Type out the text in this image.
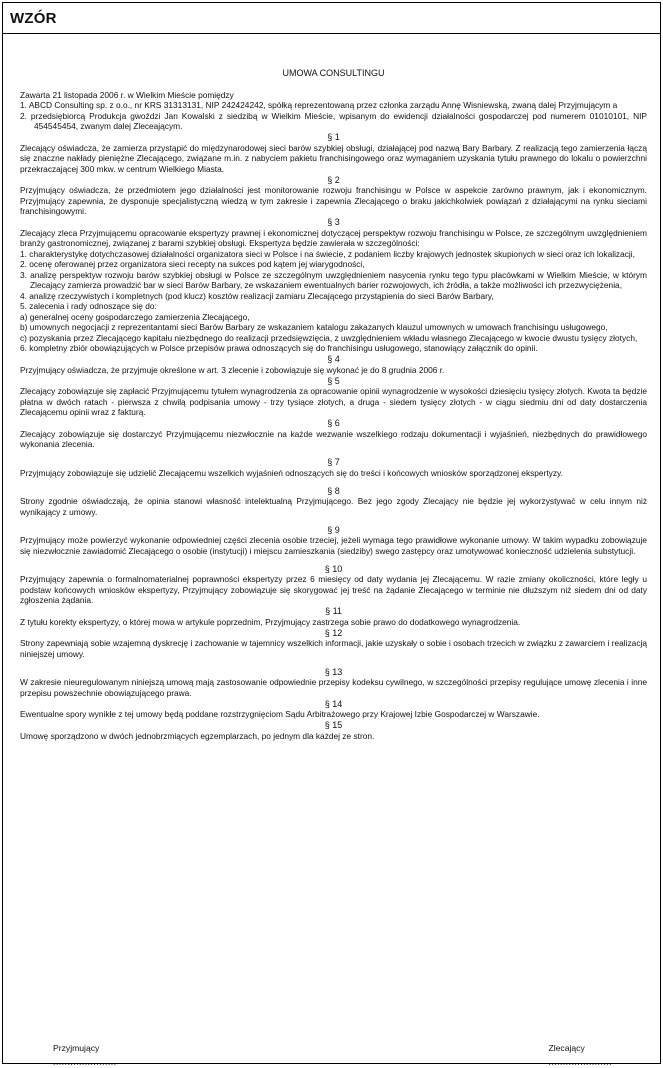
WZÓR
UMOWA CONSULTINGU

Zawarta 21 listopada 2006 r. w Wielkim Mieście pomiędzy

1. ABCD Consulting sp. z o.o., nr KRS 31313131, NIP 242424242, spółką reprezentowaną przez członka zarządu Annę Wisniewską, zwaną dalej Przyjmującym a

2. przedsiębiorcą Produkcja gwoździ Jan Kowalski z siedzibą w Wielkim Mieście, wpisanym do ewidencji działalności gospodarczej pod numerem 01010101, NIP 454545454, zwanym dalej Zleceającym.

§ 1

Zlecający oświadcza, że zamierza przystąpić do międzynarodowej sieci barów szybkiej obsługi, działającej pod nazwą Bary Barbary. Z realizacją tego zamierzenia łączą się znaczne nakłady pieniężne Zlecającego, związane m.in. z nabyciem pakietu franchisingowego oraz wymaganiem uzyskania tytułu prawnego do lokalu o powierzchni przekraczającej 300 mkw. w centrum Wielkiego Miasta.

§ 2

Przyjmujący oświadcza, że przedmiotem jego działalności jest monitorowanie rozwoju franchisingu w Polsce w aspekcie zarówno prawnym, jak i ekonomicznym. Przyjmujący zapewnia, że dysponuje specjalistyczną wiedzą w tym zakresie i zapewnia Zlecającego o braku jakichkolwiek powiązań z działającymi na rynku sieciami franchisingowymi.

§ 3

Zlecający zleca Przyjmującemu opracowanie ekspertyzy prawnej i ekonomicznej dotyczącej perspektyw rozwoju franchisingu w Polsce, ze szczególnym uwzględnieniem branży gastronomicznej, związanej z barami szybkiej obsługi. Ekspertyza będzie zawierała w szczególności:

1. charakterystykę dotychczasowej działalności organizatora sieci w Polsce i na świecie, z podaniem liczby krajowych jednostek skupionych w sieci oraz ich lokalizacji,

2. ocenę oferowanej przez organizatora sieci recepty na sukces pod kątem jej wiarygodności,

3. analizę perspektyw rozwoju barów szybkiej obsługi w Polsce ze szczególnym uwzględnieniem nasycenia rynku tego typu placówkami w Wielkim Mieście, w którym Zlecający zamierza prowadzić bar w sieci Barów Barbary, ze wskazaniem ewentualnych barier rozwojowych, ich źródła, a także możliwości ich przezwyciężenia,

4. analizę rzeczywistych i kompletnych (pod klucz) kosztów realizacji zamiaru Zlecającego przystąpienia do sieci Barów Barbary,

5. zalecenia i rady odnoszące się do:

a) generalnej oceny gospodarczego zamierzenia Zlecającego,

b) umownych negocjacji z reprezentantami sieci Barów Barbary ze wskazaniem katalogu zakazanych klauzul umownych w umowach franchisingu usługowego,

c) pozyskania przez Zlecającego kapitału niezbędnego do realizacji przedsięwzięcia, z uwzględnieniem wkładu własnego Zlecającego w kwocie dwustu tysięcy złotych,

6. kompletny zbiór obowiązujących w Polsce przepisów prawa odnoszących się do franchisingu usługowego, stanowiący załącznik do opinii.

§ 4

Przyjmujący oświadcza, że przyjmuje określone w art. 3 zlecenie i zobowiązuje się wykonać je do 8 grudnia 2006 r.

§ 5

Zlecający zobowiązuje się zapłacić Przyjmującemu tytułem wynagrodzenia za opracowanie opinii wynagrodzenie w wysokości dziesięciu tysięcy złotych. Kwota ta będzie płatna w dwóch ratach - pierwsza z chwilą podpisania umowy - trzy tysiące złotych, a druga - siedem tysięcy złotych - w ciągu siedmiu dni od daty dostarczenia Zlecającemu opinii wraz z fakturą.

§ 6

Zlecający zobowiązuje się dostarczyć Przyjmującemu niezwłocznie na każde wezwanie wszelkiego rodzaju dokumentacji i wyjaśnień, niezbędnych do prawidłowego wykonania zlecenia.

§ 7

Przyjmujący zobowiązuje się udzielić Zlecającemu wszelkich wyjaśnień odnoszących się do treści i końcowych wniosków sporządzonej ekspertyzy.

§ 8

Strony zgodnie oświadczają, że opinia stanowi własność intelektualną Przyjmującego. Bez jego zgody Zlecający nie będzie jej wykorzystywać w celu innym niż wynikający z umowy.

§ 9

Przyjmujący może powierzyć wykonanie odpowiedniej części zlecenia osobie trzeciej, jeżeli wymaga tego prawidłowe wykonanie umowy. W takim wypadku zobowiązuje się niezwłocznie zawiadomić Zlecającego o osobie (instytucji) i miejscu zamieszkania (siedziby) swego zastępcy oraz umotywować konieczność udzielenia substytucji.

§ 10

Przyjmujący zapewnia o formalnomaterialnej poprawności ekspertyzy przez 6 miesięcy od daty wydania jej Zlecającemu. W razie zmiany okoliczności, które legły u podstaw końcowych wniosków ekspertyzy, Przyjmujący zobowiązuje się skorygować jej treść na żądanie Zlecającego w terminie nie dłuższym niż siedem dni od daty zgłoszenia żądania.

§ 11

Z tytułu korekty ekspertyzy, o której mowa w artykule poprzednim, Przyjmujący zastrzega sobie prawo do dodatkowego wynagrodzenia.

§ 12

Strony zapewniają sobie wzajemną dyskrecję i zachowanie w tajemnicy wszelkich informacji, jakie uzyskały o sobie i osobach trzecich w związku z zawarciem i realizacją niniejszej umowy.

§ 13

W zakresie nieuregulowanym niniejszą umową mają zastosowanie odpowiednie przepisy kodeksu cywilnego, w szczególności przepisy regulujące umowę zlecenia i inne przepisu powszechnie obowiązującego prawa.

§ 14

Ewentualne spory wynikłe z tej umowy będą poddane rozstrzygnięciom Sądu Arbitrażowego przy Krajowej Izbie Gospodarczej w Warszawie.

§ 15

Umowę sporządzono w dwóch jednobrzmiących egzemplarzach, po jednym dla każdej ze stron.

Przyjmujący
......................
Zlecający
......................
